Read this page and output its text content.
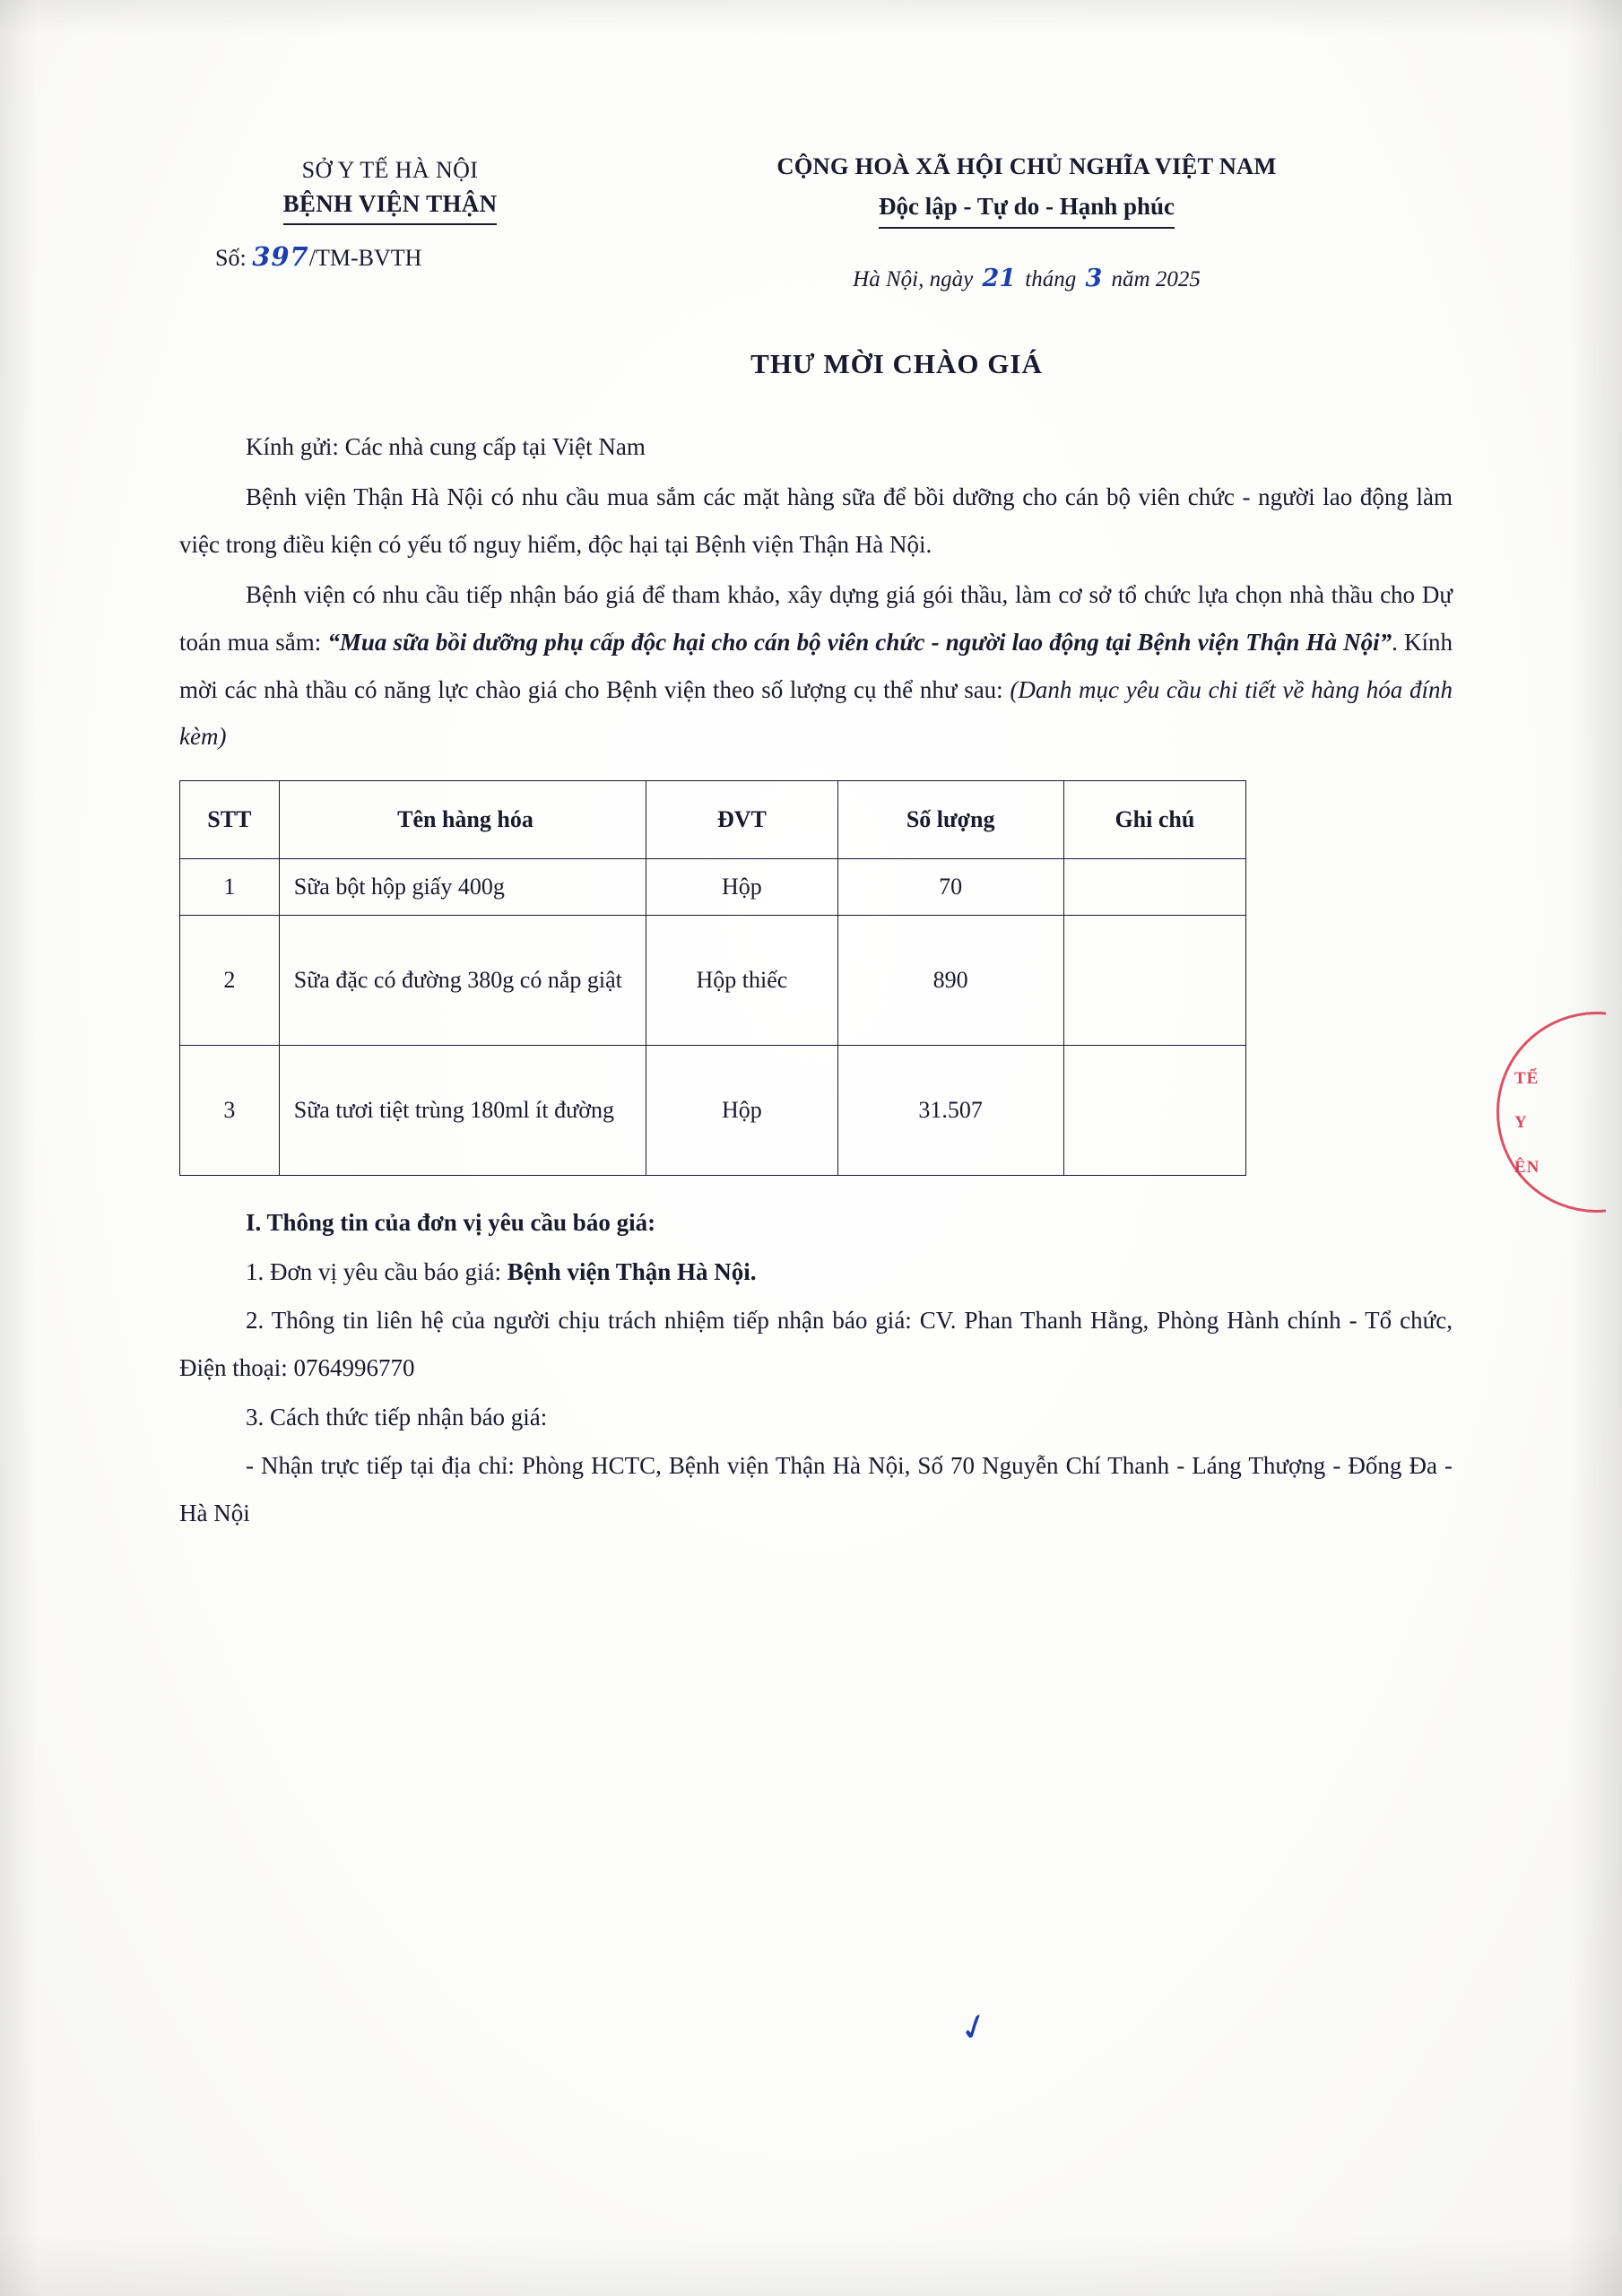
TẾ
Y
ỆN
SỞ Y TẾ HÀ NỘI
BỆNH VIỆN THẬN
Số: 397/TM-BVTH
CỘNG HOÀ XÃ HỘI CHỦ NGHĨA VIỆT NAM
Độc lập - Tự do - Hạnh phúc
Hà Nội, ngày 21 tháng 3 năm 2025
THƯ MỜI CHÀO GIÁ

Kính gửi: Các nhà cung cấp tại Việt Nam

Bệnh viện Thận Hà Nội có nhu cầu mua sắm các mặt hàng sữa để bồi dưỡng cho cán bộ viên chức - người lao động làm việc trong điều kiện có yếu tố nguy hiểm, độc hại tại Bệnh viện Thận Hà Nội.

Bệnh viện có nhu cầu tiếp nhận báo giá để tham khảo, xây dựng giá gói thầu, làm cơ sở tổ chức lựa chọn nhà thầu cho Dự toán mua sắm: “Mua sữa bồi dưỡng phụ cấp độc hại cho cán bộ viên chức - người lao động tại Bệnh viện Thận Hà Nội”. Kính mời các nhà thầu có năng lực chào giá cho Bệnh viện theo số lượng cụ thể như sau: (Danh mục yêu cầu chi tiết về hàng hóa đính kèm)

STT	Tên hàng hóa	ĐVT	Số lượng	Ghi chú
1	Sữa bột hộp giấy 400g	Hộp	70	
2	Sữa đặc có đường 380g có nắp giật	Hộp thiếc	890	
3	Sữa tươi tiệt trùng 180ml ít đường	Hộp	31.507	

I. Thông tin của đơn vị yêu cầu báo giá:

1. Đơn vị yêu cầu báo giá: Bệnh viện Thận Hà Nội.

2. Thông tin liên hệ của người chịu trách nhiệm tiếp nhận báo giá: CV. Phan Thanh Hằng, Phòng Hành chính - Tổ chức, Điện thoại: 0764996770

3. Cách thức tiếp nhận báo giá:

- Nhận trực tiếp tại địa chỉ: Phòng HCTC, Bệnh viện Thận Hà Nội, Số 70 Nguyễn Chí Thanh - Láng Thượng - Đống Đa - Hà Nội

✓
